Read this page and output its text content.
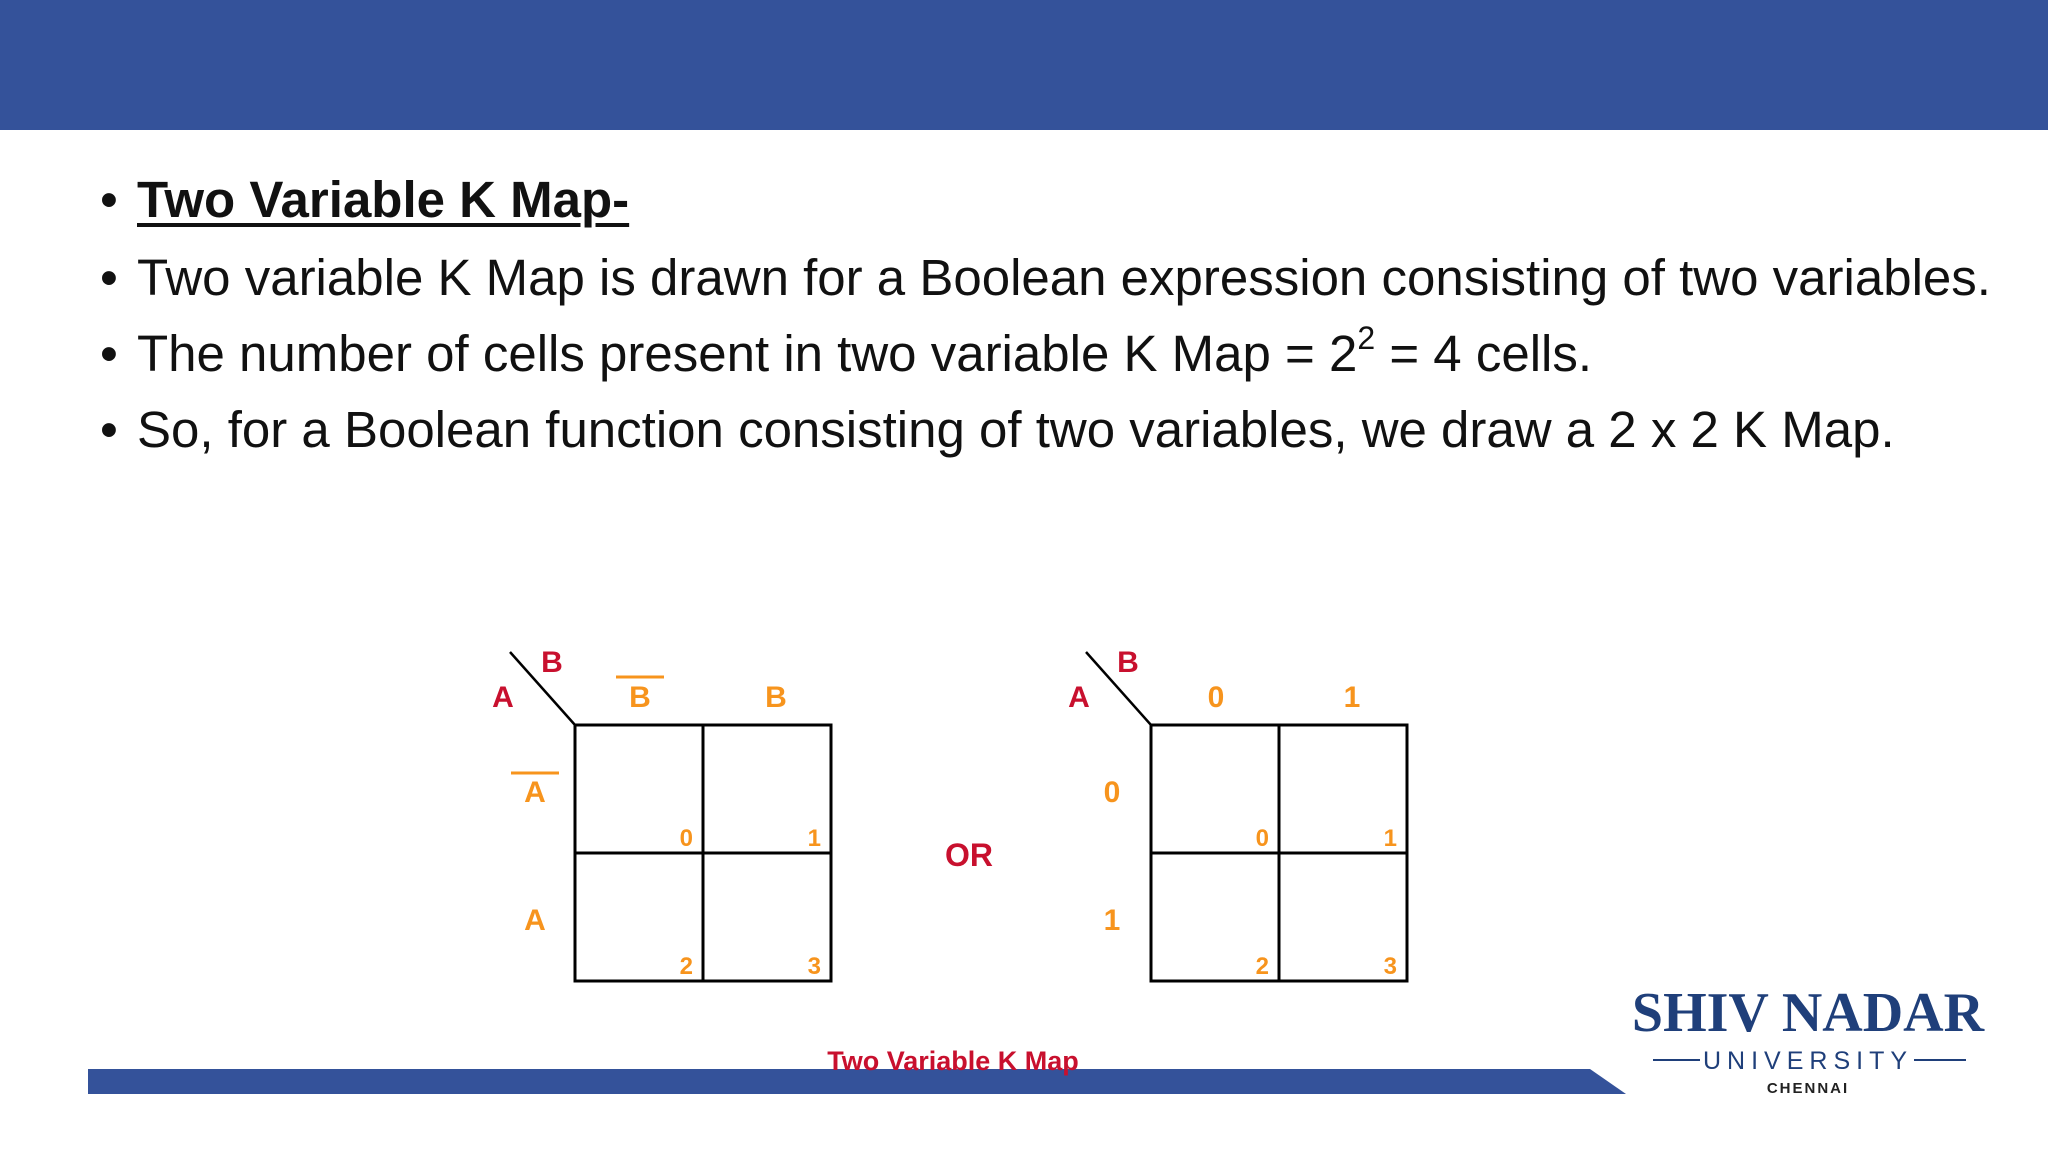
• Two Variable K Map-
• Two variable K Map is drawn for a Boolean expression consisting of two variables.
• The number of cells present in two variable K Map = $2^2 = 4$ cells.
• So, for a Boolean function consisting of two variables, we draw a 2 x 2 K Map.
A
B
B	B
A
A
0	1
2	3
OR
A
B
0	1
0
1
0	1
2	3
Two Variable K Map
SHIV NADAR
UNIVERSITY
CHENNAI
